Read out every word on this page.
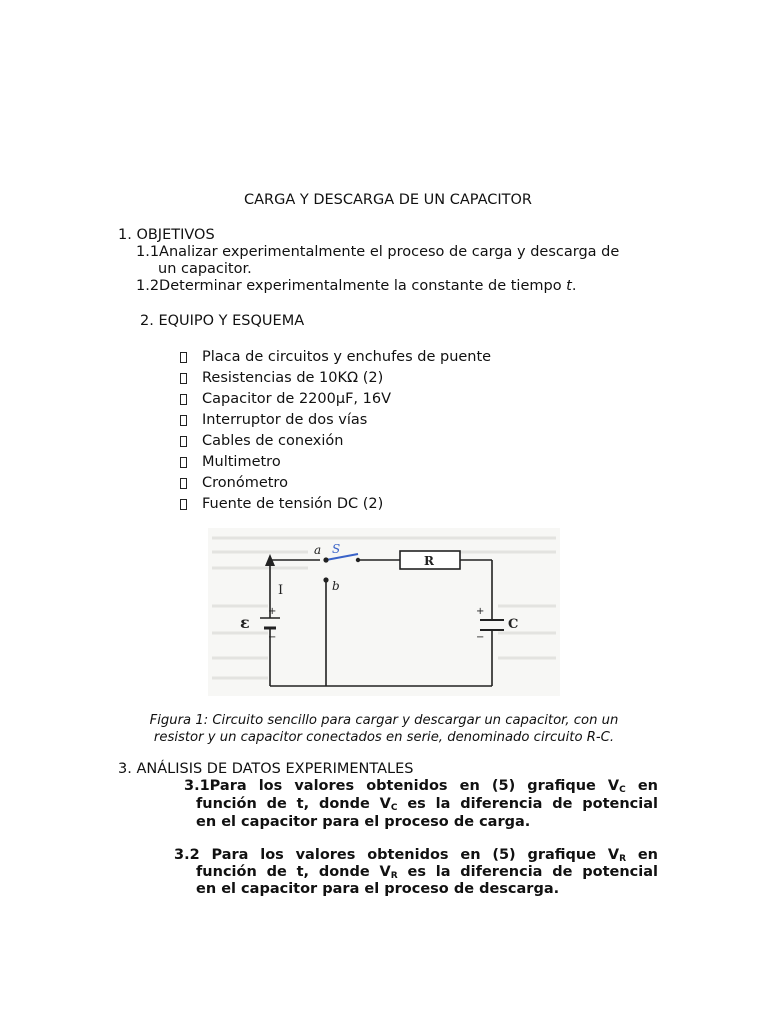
CARGA Y DESCARGA DE UN CAPACITOR
1. OBJETIVOS
1.1Analizar experimentalmente el proceso de carga y descarga de
un capacitor.
1.2Determinar experimentalmente la constante de tiempo t.
2. EQUIPO Y ESQUEMA
Placa de circuitos y enchufes de puente
Resistencias de 10KΩ (2)
Capacitor de 2200μF, 16V
Interruptor de dos vías
Cables de conexión
Multimetro
Cronómetro
Fuente de tensión DC (2)
a
b
S
R
C
ε
I
+
−
+
−
Figura 1: Circuito sencillo para cargar y descargar un capacitor, con un
resistor y un capacitor conectados en serie, denominado circuito R-C.
3. ANÁLISIS DE DATOS EXPERIMENTALES
3.1Para los valores obtenidos en (5) grafique $V_C$ en
función de t, donde $V_C$ es la diferencia de potencial
en el capacitor para el proceso de carga.
3.2 Para los valores obtenidos en (5) grafique $V_R$ en
función de t, donde $V_R$ es la diferencia de potencial
en el capacitor para el proceso de descarga.
